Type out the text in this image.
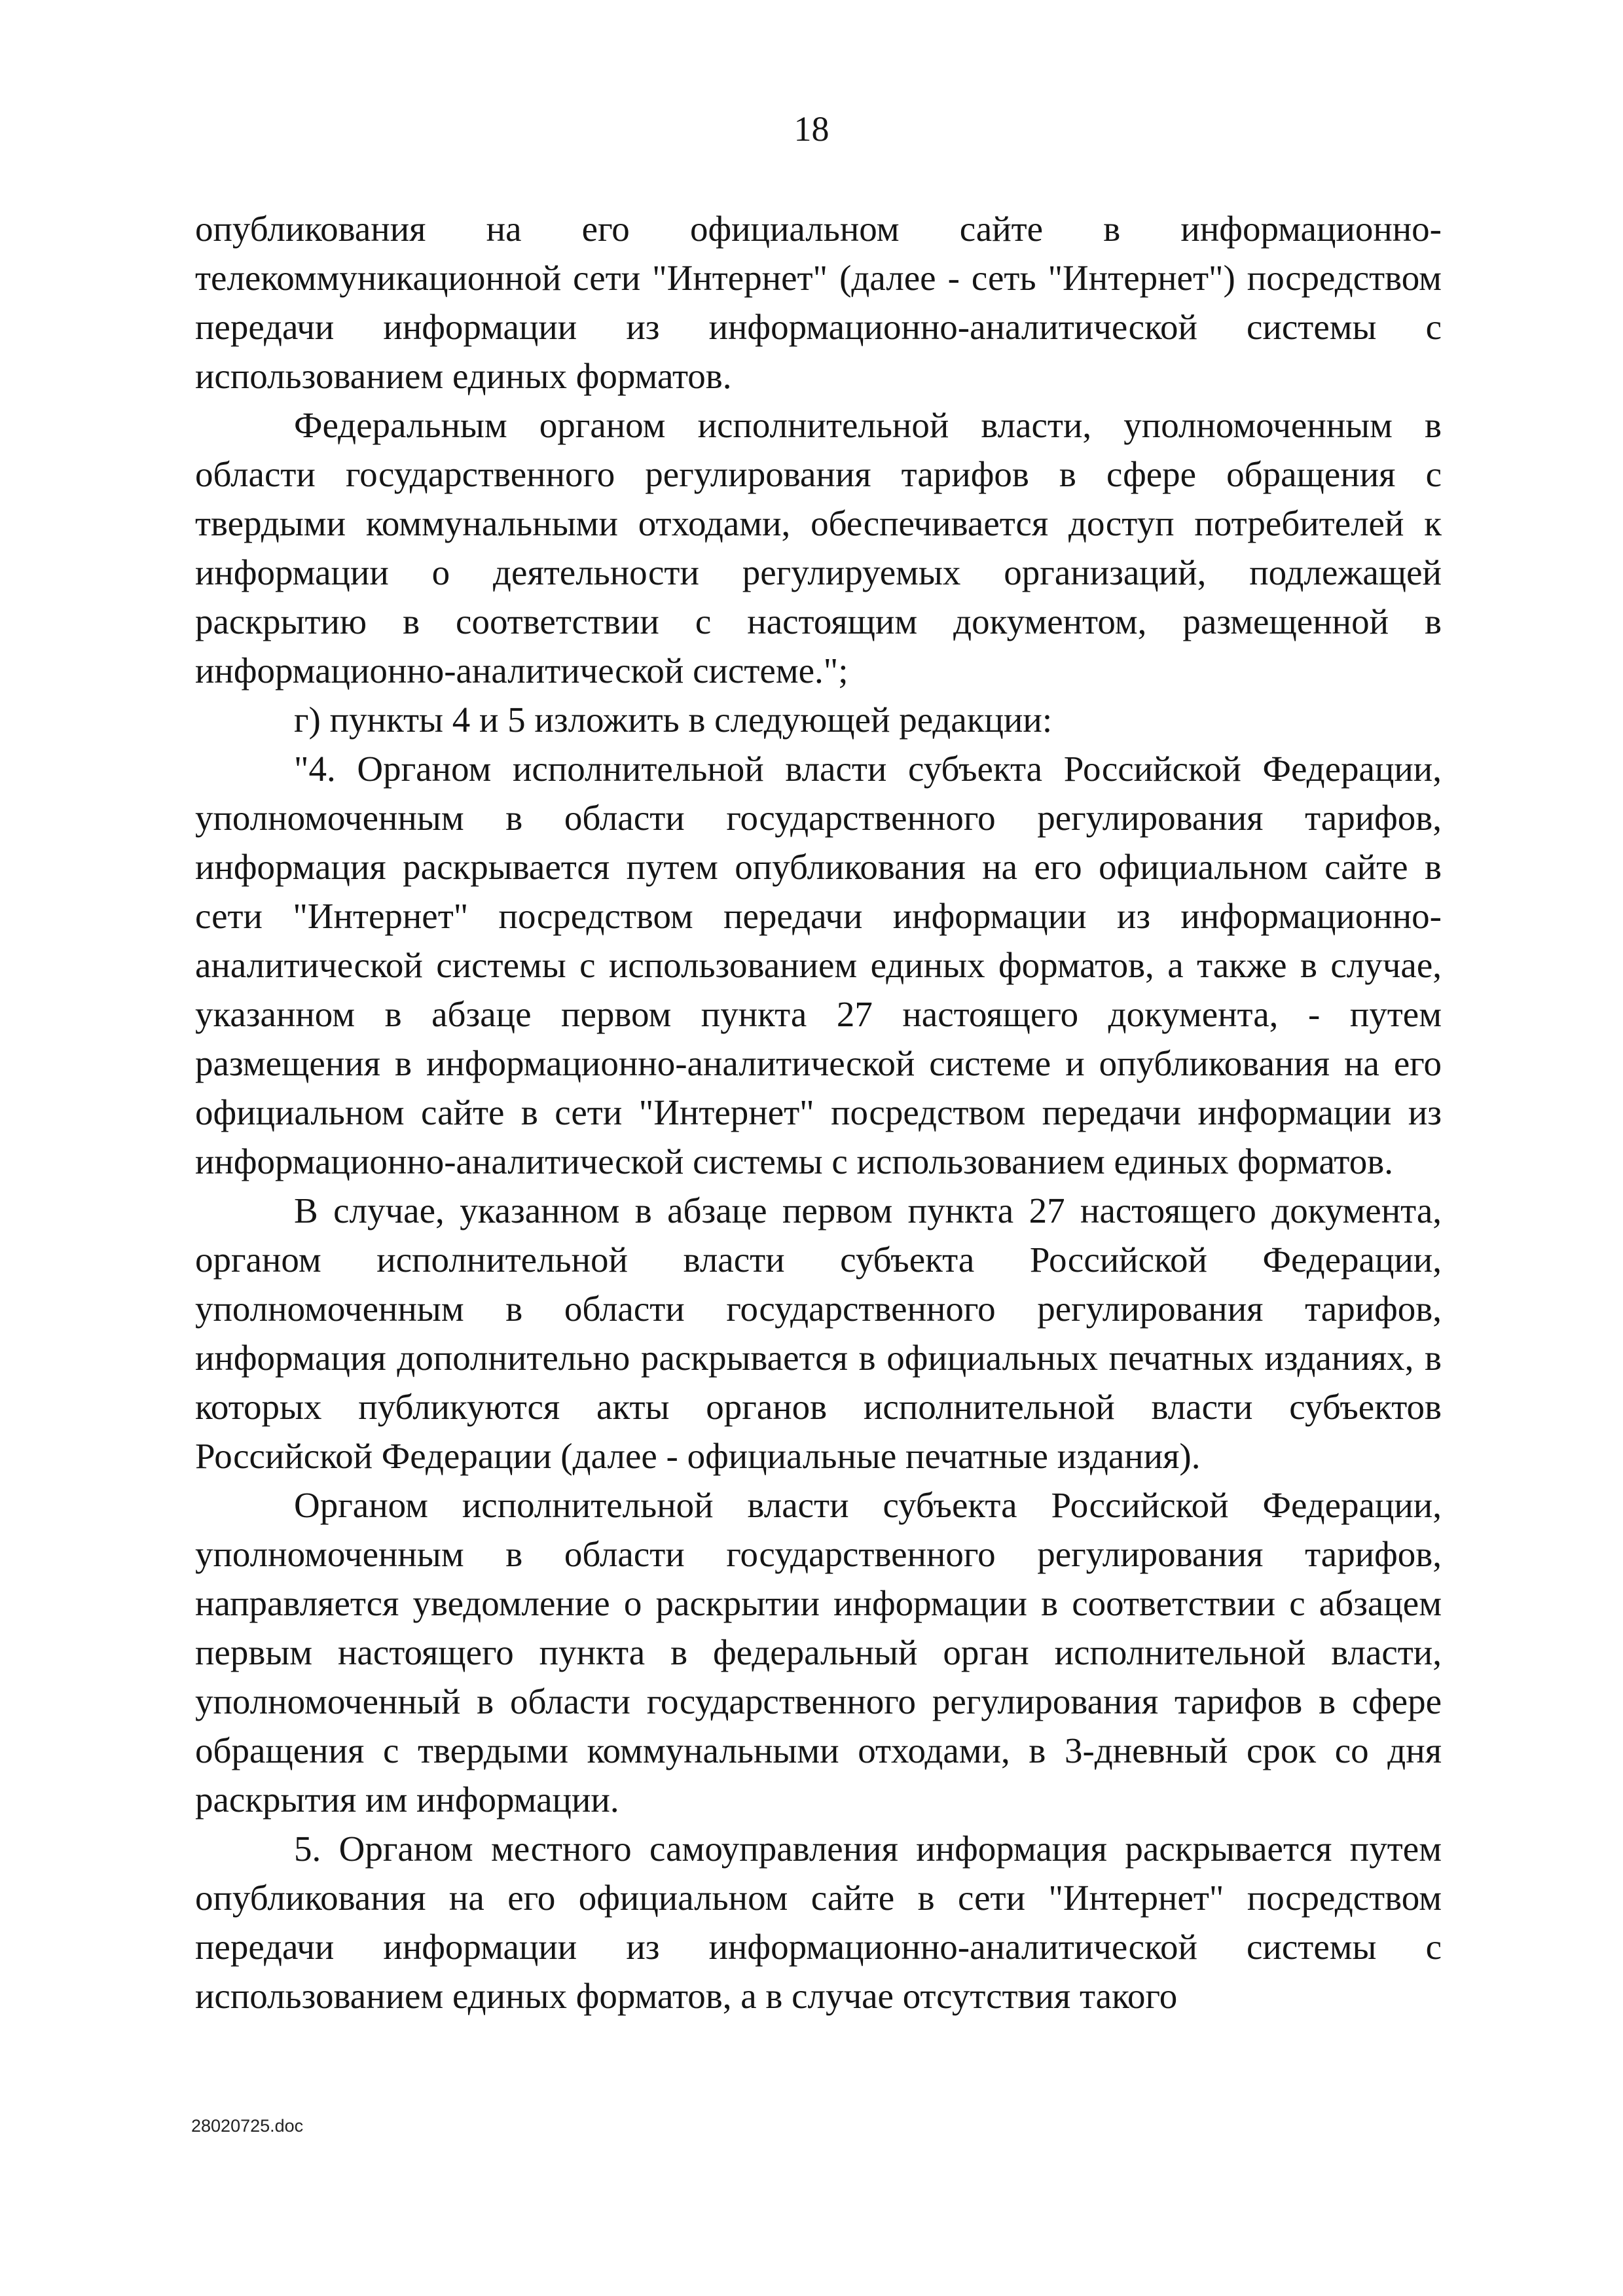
18

опубликования на его официальном сайте в информационно-телекоммуникационной сети "Интернет" (далее - сеть "Интернет") посредством передачи информации из информационно-аналитической системы с использованием единых форматов.

Федеральным органом исполнительной власти, уполномоченным в области государственного регулирования тарифов в сфере обращения с твердыми коммунальными отходами, обеспечивается доступ потребителей к информации о деятельности регулируемых организаций, подлежащей раскрытию в соответствии с настоящим документом, размещенной в информационно-аналитической системе.";

г) пункты 4 и 5 изложить в следующей редакции:

"4. Органом исполнительной власти субъекта Российской Федерации, уполномоченным в области государственного регулирования тарифов, информация раскрывается путем опубликования на его официальном сайте в сети "Интернет" посредством передачи информации из информационно-аналитической системы с использованием единых форматов, а также в случае, указанном в абзаце первом пункта 27 настоящего документа, - путем размещения в информационно-аналитической системе и опубликования на его официальном сайте в сети "Интернет" посредством передачи информации из информационно-аналитической системы с использованием единых форматов.

В случае, указанном в абзаце первом пункта 27 настоящего документа, органом исполнительной власти субъекта Российской Федерации, уполномоченным в области государственного регулирования тарифов, информация дополнительно раскрывается в официальных печатных изданиях, в которых публикуются акты органов исполнительной власти субъектов Российской Федерации (далее - официальные печатные издания).

Органом исполнительной власти субъекта Российской Федерации, уполномоченным в области государственного регулирования тарифов, направляется уведомление о раскрытии информации в соответствии с абзацем первым настоящего пункта в федеральный орган исполнительной власти, уполномоченный в области государственного регулирования тарифов в сфере обращения с твердыми коммунальными отходами, в 3-дневный срок со дня раскрытия им информации.

5. Органом местного самоуправления информация раскрывается путем опубликования на его официальном сайте в сети "Интернет" посредством передачи информации из информационно-аналитической системы с использованием единых форматов, а в случае отсутствия такого

28020725.doc
